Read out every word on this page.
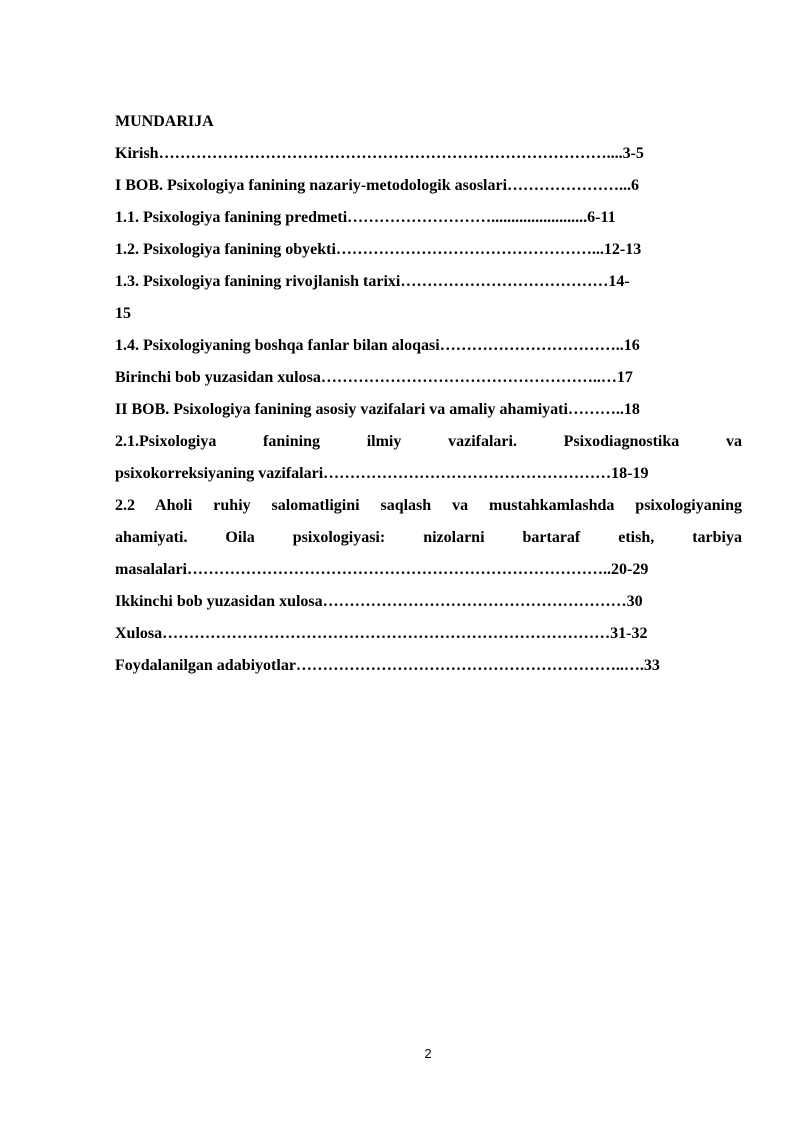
MUNDARIJA
Kirish…………………………………………………………………………....3-5
I BOB. Psixologiya fanining nazariy-metodologik asoslari…………………...6
1.1. Psixologiya fanining predmeti………………………........................6-11
1.2. Psixologiya fanining obyekti…………………………………………...12-13
1.3. Psixologiya fanining rivojlanish tarixi…………………………………14-
15
1.4. Psixologiyaning boshqa fanlar bilan aloqasi……………………………..16
Birinchi bob yuzasidan xulosa……………………………………………..…17
II BOB. Psixologiya fanining asosiy vazifalari va amaliy ahamiyati………..18
2.1.Psixologiya fanining ilmiy vazifalari. Psixodiagnostika va
psixokorreksiyaning vazifalari………………………………………………18-19
2.2 Aholi ruhiy salomatligini saqlash va mustahkamlashda psixologiyaning
ahamiyati. Oila psixologiyasi: nizolarni bartaraf etish, tarbiya
masalalari……………………………………………………………………..20-29
Ikkinchi bob yuzasidan xulosa…………………………………………………30
Xulosa…………………………………………………………………………31-32
Foydalanilgan adabiyotlar……………………………………………………..….33
2
